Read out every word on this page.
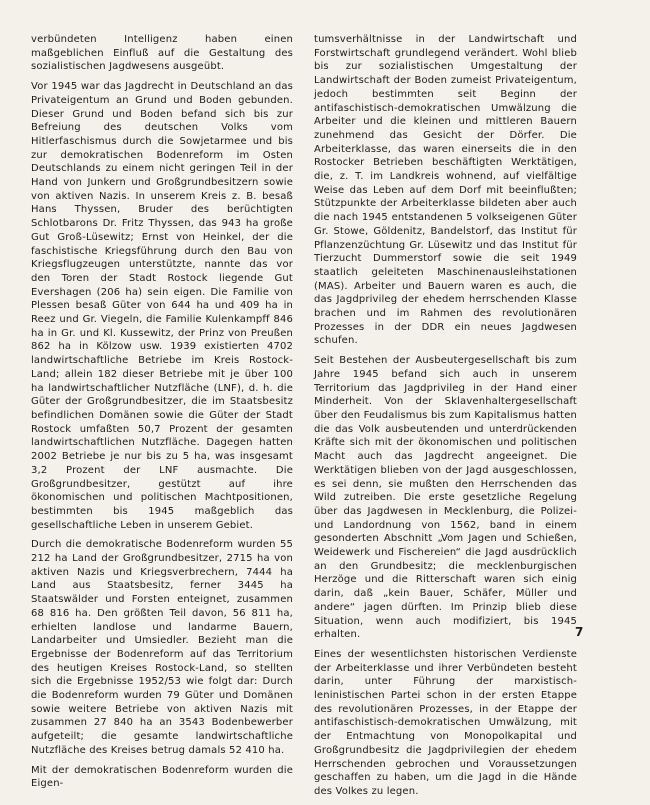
verbündeten Intelligenz haben einen maßgeblichen Einfluß auf die Gestaltung des sozialistischen Jagdwesens ausgeübt.

Vor 1945 war das Jagdrecht in Deutschland an das Privateigentum an Grund und Boden gebunden. Dieser Grund und Boden befand sich bis zur Befreiung des deutschen Volks vom Hitlerfaschismus durch die Sowjetarmee und bis zur demokratischen Bodenreform im Osten Deutschlands zu einem nicht geringen Teil in der Hand von Junkern und Großgrundbesitzern sowie von aktiven Nazis. In unserem Kreis z. B. besaß Hans Thyssen, Bruder des berüchtigten Schlotbarons Dr. Fritz Thyssen, das 943 ha große Gut Groß-Lüsewitz; Ernst von Heinkel, der die faschistische Kriegsführung durch den Bau von Kriegsflugzeugen unterstützte, nannte das vor den Toren der Stadt Rostock liegende Gut Evershagen (206 ha) sein eigen. Die Familie von Plessen besaß Güter von 644 ha und 409 ha in Reez und Gr. Viegeln, die Familie Kulenkampff 846 ha in Gr. und Kl. Kussewitz, der Prinz von Preußen 862 ha in Kölzow usw. 1939 existierten 4702 landwirtschaftliche Betriebe im Kreis Rostock-Land; allein 182 dieser Betriebe mit je über 100 ha landwirtschaftlicher Nutzfläche (LNF), d. h. die Güter der Großgrundbesitzer, die im Staatsbesitz befindlichen Domänen sowie die Güter der Stadt Rostock umfaßten 50,7 Prozent der gesamten landwirtschaftlichen Nutzfläche. Dagegen hatten 2002 Betriebe je nur bis zu 5 ha, was insgesamt 3,2 Prozent der LNF ausmachte. Die Großgrundbesitzer, gestützt auf ihre ökonomischen und politischen Machtpositionen, bestimmten bis 1945 maßgeblich das gesellschaftliche Leben in unserem Gebiet.

Durch die demokratische Bodenreform wurden 55 212 ha Land der Großgrundbesitzer, 2715 ha von aktiven Nazis und Kriegsverbrechern, 7444 ha Land aus Staatsbesitz, ferner 3445 ha Staatswälder und Forsten enteignet, zusammen 68 816 ha. Den größten Teil davon, 56 811 ha, erhielten landlose und landarme Bauern, Landarbeiter und Umsiedler. Bezieht man die Ergebnisse der Bodenreform auf das Territorium des heutigen Kreises Rostock-Land, so stellten sich die Ergebnisse 1952/53 wie folgt dar: Durch die Bodenreform wurden 79 Güter und Domänen sowie weitere Betriebe von aktiven Nazis mit zusammen 27 840 ha an 3543 Bodenbewerber aufgeteilt; die gesamte landwirtschaftliche Nutzfläche des Kreises betrug damals 52 410 ha.

Mit der demokratischen Bodenreform wurden die Eigen-

tumsverhältnisse in der Landwirtschaft und Forstwirtschaft grundlegend verändert. Wohl blieb bis zur sozialistischen Umgestaltung der Landwirtschaft der Boden zumeist Privateigentum, jedoch bestimmten seit Beginn der antifaschistisch-demokratischen Umwälzung die Arbeiter und die kleinen und mittleren Bauern zunehmend das Gesicht der Dörfer. Die Arbeiterklasse, das waren einerseits die in den Rostocker Betrieben beschäftigten Werktätigen, die, z. T. im Landkreis wohnend, auf vielfältige Weise das Leben auf dem Dorf mit beeinflußten; Stützpunkte der Arbeiterklasse bildeten aber auch die nach 1945 entstandenen 5 volkseigenen Güter Gr. Stowe, Göldenitz, Bandelstorf, das Institut für Pflanzenzüchtung Gr. Lüsewitz und das Institut für Tierzucht Dummerstorf sowie die seit 1949 staatlich geleiteten Maschinenausleihstationen (MAS). Arbeiter und Bauern waren es auch, die das Jagdprivileg der ehedem herrschenden Klasse brachen und im Rahmen des revolutionären Prozesses in der DDR ein neues Jagdwesen schufen.

Seit Bestehen der Ausbeutergesellschaft bis zum Jahre 1945 befand sich auch in unserem Territorium das Jagdprivileg in der Hand einer Minderheit. Von der Sklavenhaltergesellschaft über den Feudalismus bis zum Kapitalismus hatten die das Volk ausbeutenden und unterdrückenden Kräfte sich mit der ökonomischen und politischen Macht auch das Jagdrecht angeeignet. Die Werktätigen blieben von der Jagd ausgeschlossen, es sei denn, sie mußten den Herrschenden das Wild zutreiben. Die erste gesetzliche Regelung über das Jagdwesen in Mecklenburg, die Polizei- und Landordnung von 1562, band in einem gesonderten Abschnitt „Vom Jagen und Schießen, Weidewerk und Fischereien“ die Jagd ausdrücklich an den Grundbesitz; die mecklenburgischen Herzöge und die Ritterschaft waren sich einig darin, daß „kein Bauer, Schäfer, Müller und andere“ jagen dürften. Im Prinzip blieb diese Situation, wenn auch modifiziert, bis 1945 erhalten.

Eines der wesentlichsten historischen Verdienste der Arbeiterklasse und ihrer Verbündeten besteht darin, unter Führung der marxistisch-leninistischen Partei schon in der ersten Etappe des revolutionären Prozesses, in der Etappe der antifaschistisch-demokratischen Umwälzung, mit der Entmachtung von Monopolkapital und Großgrundbesitz die Jagdprivilegien der ehedem Herrschenden gebrochen und Voraussetzungen geschaffen zu haben, um die Jagd in die Hände des Volkes zu legen.

7
